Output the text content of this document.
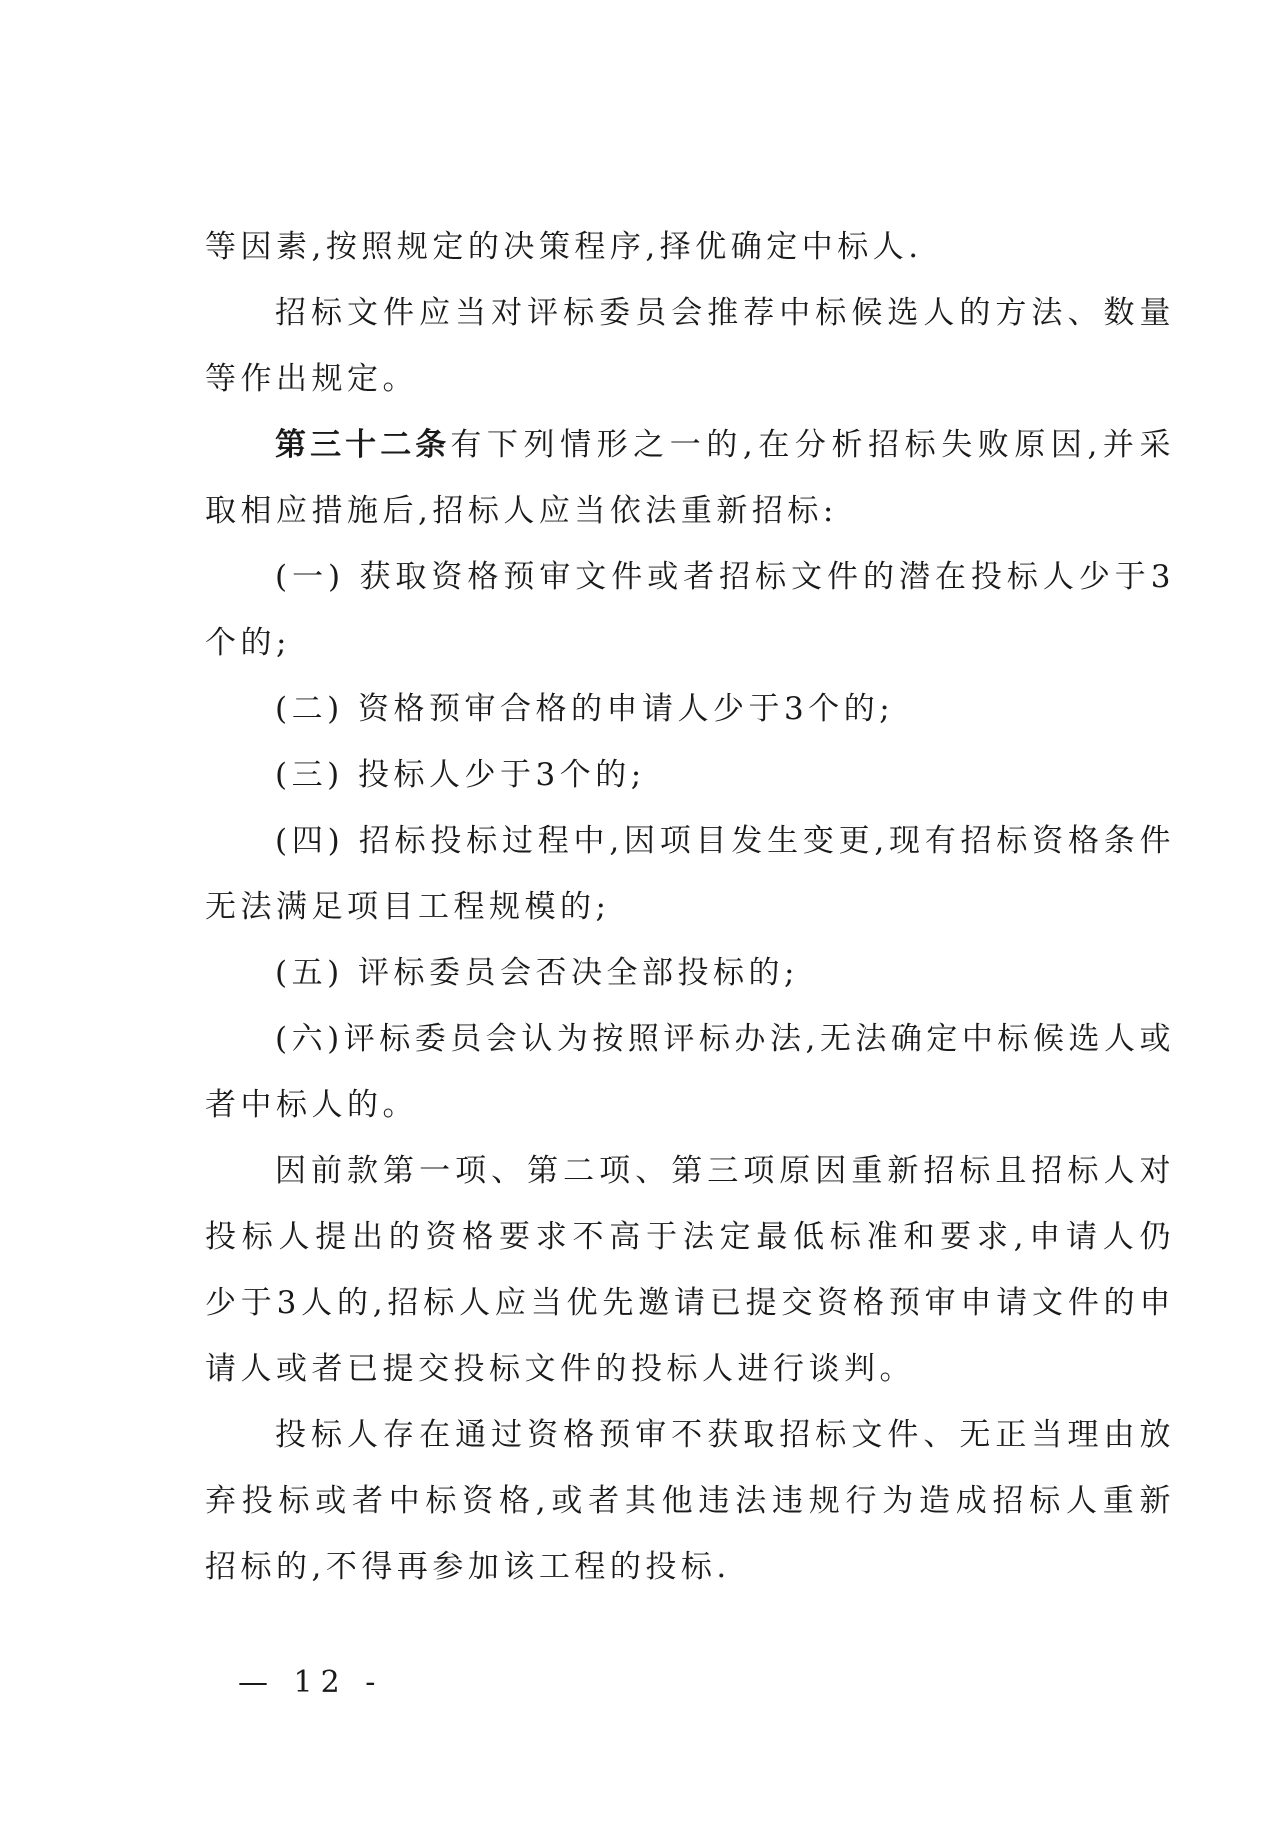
等因素,按照规定的决策程序,择优确定中标人.

招标文件应当对评标委员会推荐中标候选人的方法、数量等作出规定。

第三十二条有下列情形之一的,在分析招标失败原因,并采取相应措施后,招标人应当依法重新招标:

(一) 获取资格预审文件或者招标文件的潜在投标人少于3个的;

(二) 资格预审合格的申请人少于3个的;

(三) 投标人少于3个的;

(四) 招标投标过程中,因项目发生变更,现有招标资格条件无法满足项目工程规模的;

(五) 评标委员会否决全部投标的;

(六)评标委员会认为按照评标办法,无法确定中标候选人或者中标人的。

因前款第一项、第二项、第三项原因重新招标且招标人对投标人提出的资格要求不高于法定最低标准和要求,申请人仍少于3人的,招标人应当优先邀请已提交资格预审申请文件的申请人或者已提交投标文件的投标人进行谈判。

投标人存在通过资格预审不获取招标文件、无正当理由放弃投标或者中标资格,或者其他违法违规行为造成招标人重新招标的,不得再参加该工程的投标.

— 12 -
